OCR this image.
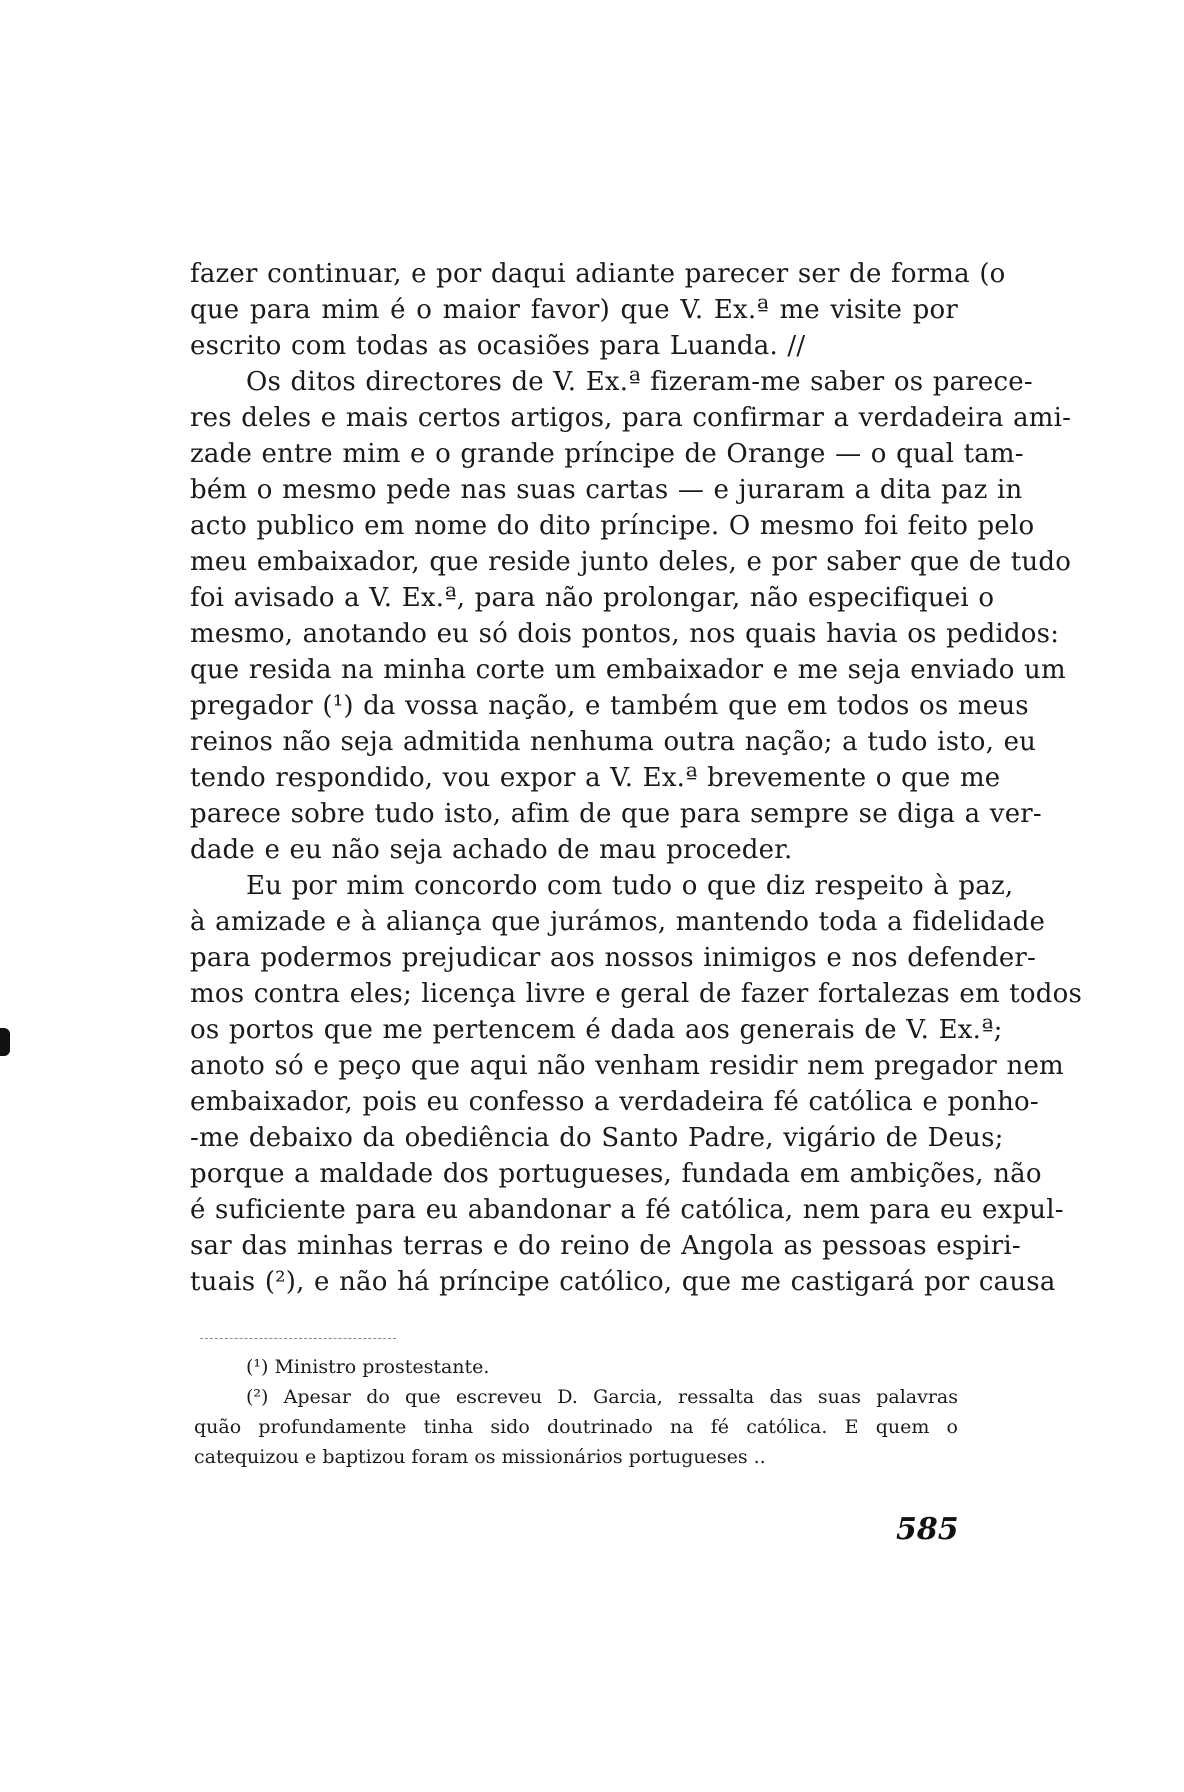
fazer continuar, e por daqui adiante parecer ser de forma (o
que para mim é o maior favor) que V. Ex.ª me visite por
escrito com todas as ocasiões para Luanda. //
Os ditos directores de V. Ex.ª fizeram-me saber os parece-
res deles e mais certos artigos, para confirmar a verdadeira ami-
zade entre mim e o grande príncipe de Orange — o qual tam-
bém o mesmo pede nas suas cartas — e juraram a dita paz in
acto publico em nome do dito príncipe. O mesmo foi feito pelo
meu embaixador, que reside junto deles, e por saber que de tudo
foi avisado a V. Ex.ª, para não prolongar, não especifiquei o
mesmo, anotando eu só dois pontos, nos quais havia os pedidos:
que resida na minha corte um embaixador e me seja enviado um
pregador (¹) da vossa nação, e também que em todos os meus
reinos não seja admitida nenhuma outra nação; a tudo isto, eu
tendo respondido, vou expor a V. Ex.ª brevemente o que me
parece sobre tudo isto, afim de que para sempre se diga a ver-
dade e eu não seja achado de mau proceder.
Eu por mim concordo com tudo o que diz respeito à paz,
à amizade e à aliança que jurámos, mantendo toda a fidelidade
para podermos prejudicar aos nossos inimigos e nos defender-
mos contra eles; licença livre e geral de fazer fortalezas em todos
os portos que me pertencem é dada aos generais de V. Ex.ª;
anoto só e peço que aqui não venham residir nem pregador nem
embaixador, pois eu confesso a verdadeira fé católica e ponho-
-me debaixo da obediência do Santo Padre, vigário de Deus;
porque a maldade dos portugueses, fundada em ambições, não
é suficiente para eu abandonar a fé católica, nem para eu expul-
sar das minhas terras e do reino de Angola as pessoas espiri-
tuais (²), e não há príncipe católico, que me castigará por causa
(¹) Ministro prostestante.
(²) Apesar do que escreveu D. Garcia, ressalta das suas palavras
quão profundamente tinha sido doutrinado na fé católica. E quem o
catequizou e baptizou foram os missionários portugueses ..
585
